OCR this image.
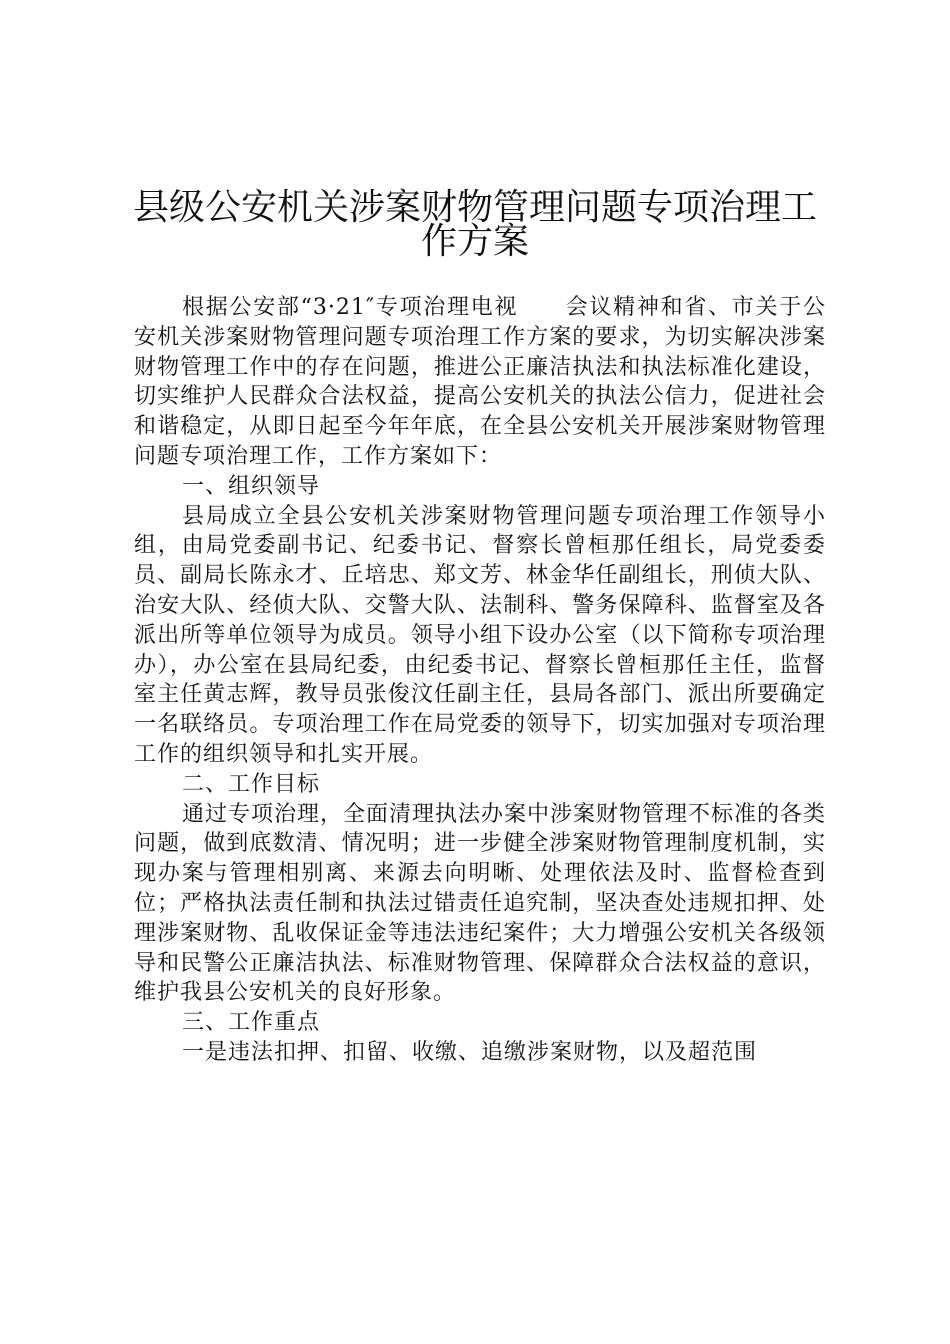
县级公安机关涉案财物管理问题专项治理工
作方案

根据公安部“3·21″专项治理电视　　会议精神和省、市关于公安机关涉案财物管理问题专项治理工作方案的要求，为切实解决涉案财物管理工作中的存在问题，推进公正廉洁执法和执法标准化建设，切实维护人民群众合法权益，提高公安机关的执法公信力，促进社会和谐稳定，从即日起至今年年底，在全县公安机关开展涉案财物管理问题专项治理工作，工作方案如下：

一、组织领导

县局成立全县公安机关涉案财物管理问题专项治理工作领导小组，由局党委副书记、纪委书记、督察长曾桓那任组长，局党委委员、副局长陈永才、丘培忠、郑文芳、林金华任副组长，刑侦大队、治安大队、经侦大队、交警大队、法制科、警务保障科、监督室及各派出所等单位领导为成员。领导小组下设办公室（以下简称专项治理办），办公室在县局纪委，由纪委书记、督察长曾桓那任主任，监督室主任黄志辉，教导员张俊汶任副主任，县局各部门、派出所要确定一名联络员。专项治理工作在局党委的领导下，切实加强对专项治理工作的组织领导和扎实开展。

二、工作目标

通过专项治理，全面清理执法办案中涉案财物管理不标准的各类问题，做到底数清、情况明；进一步健全涉案财物管理制度机制，实现办案与管理相别离、来源去向明晰、处理依法及时、监督检查到位；严格执法责任制和执法过错责任追究制，坚决查处违规扣押、处理涉案财物、乱收保证金等违法违纪案件；大力增强公安机关各级领导和民警公正廉洁执法、标准财物管理、保障群众合法权益的意识，维护我县公安机关的良好形象。

三、工作重点

一是违法扣押、扣留、收缴、追缴涉案财物，以及超范围
